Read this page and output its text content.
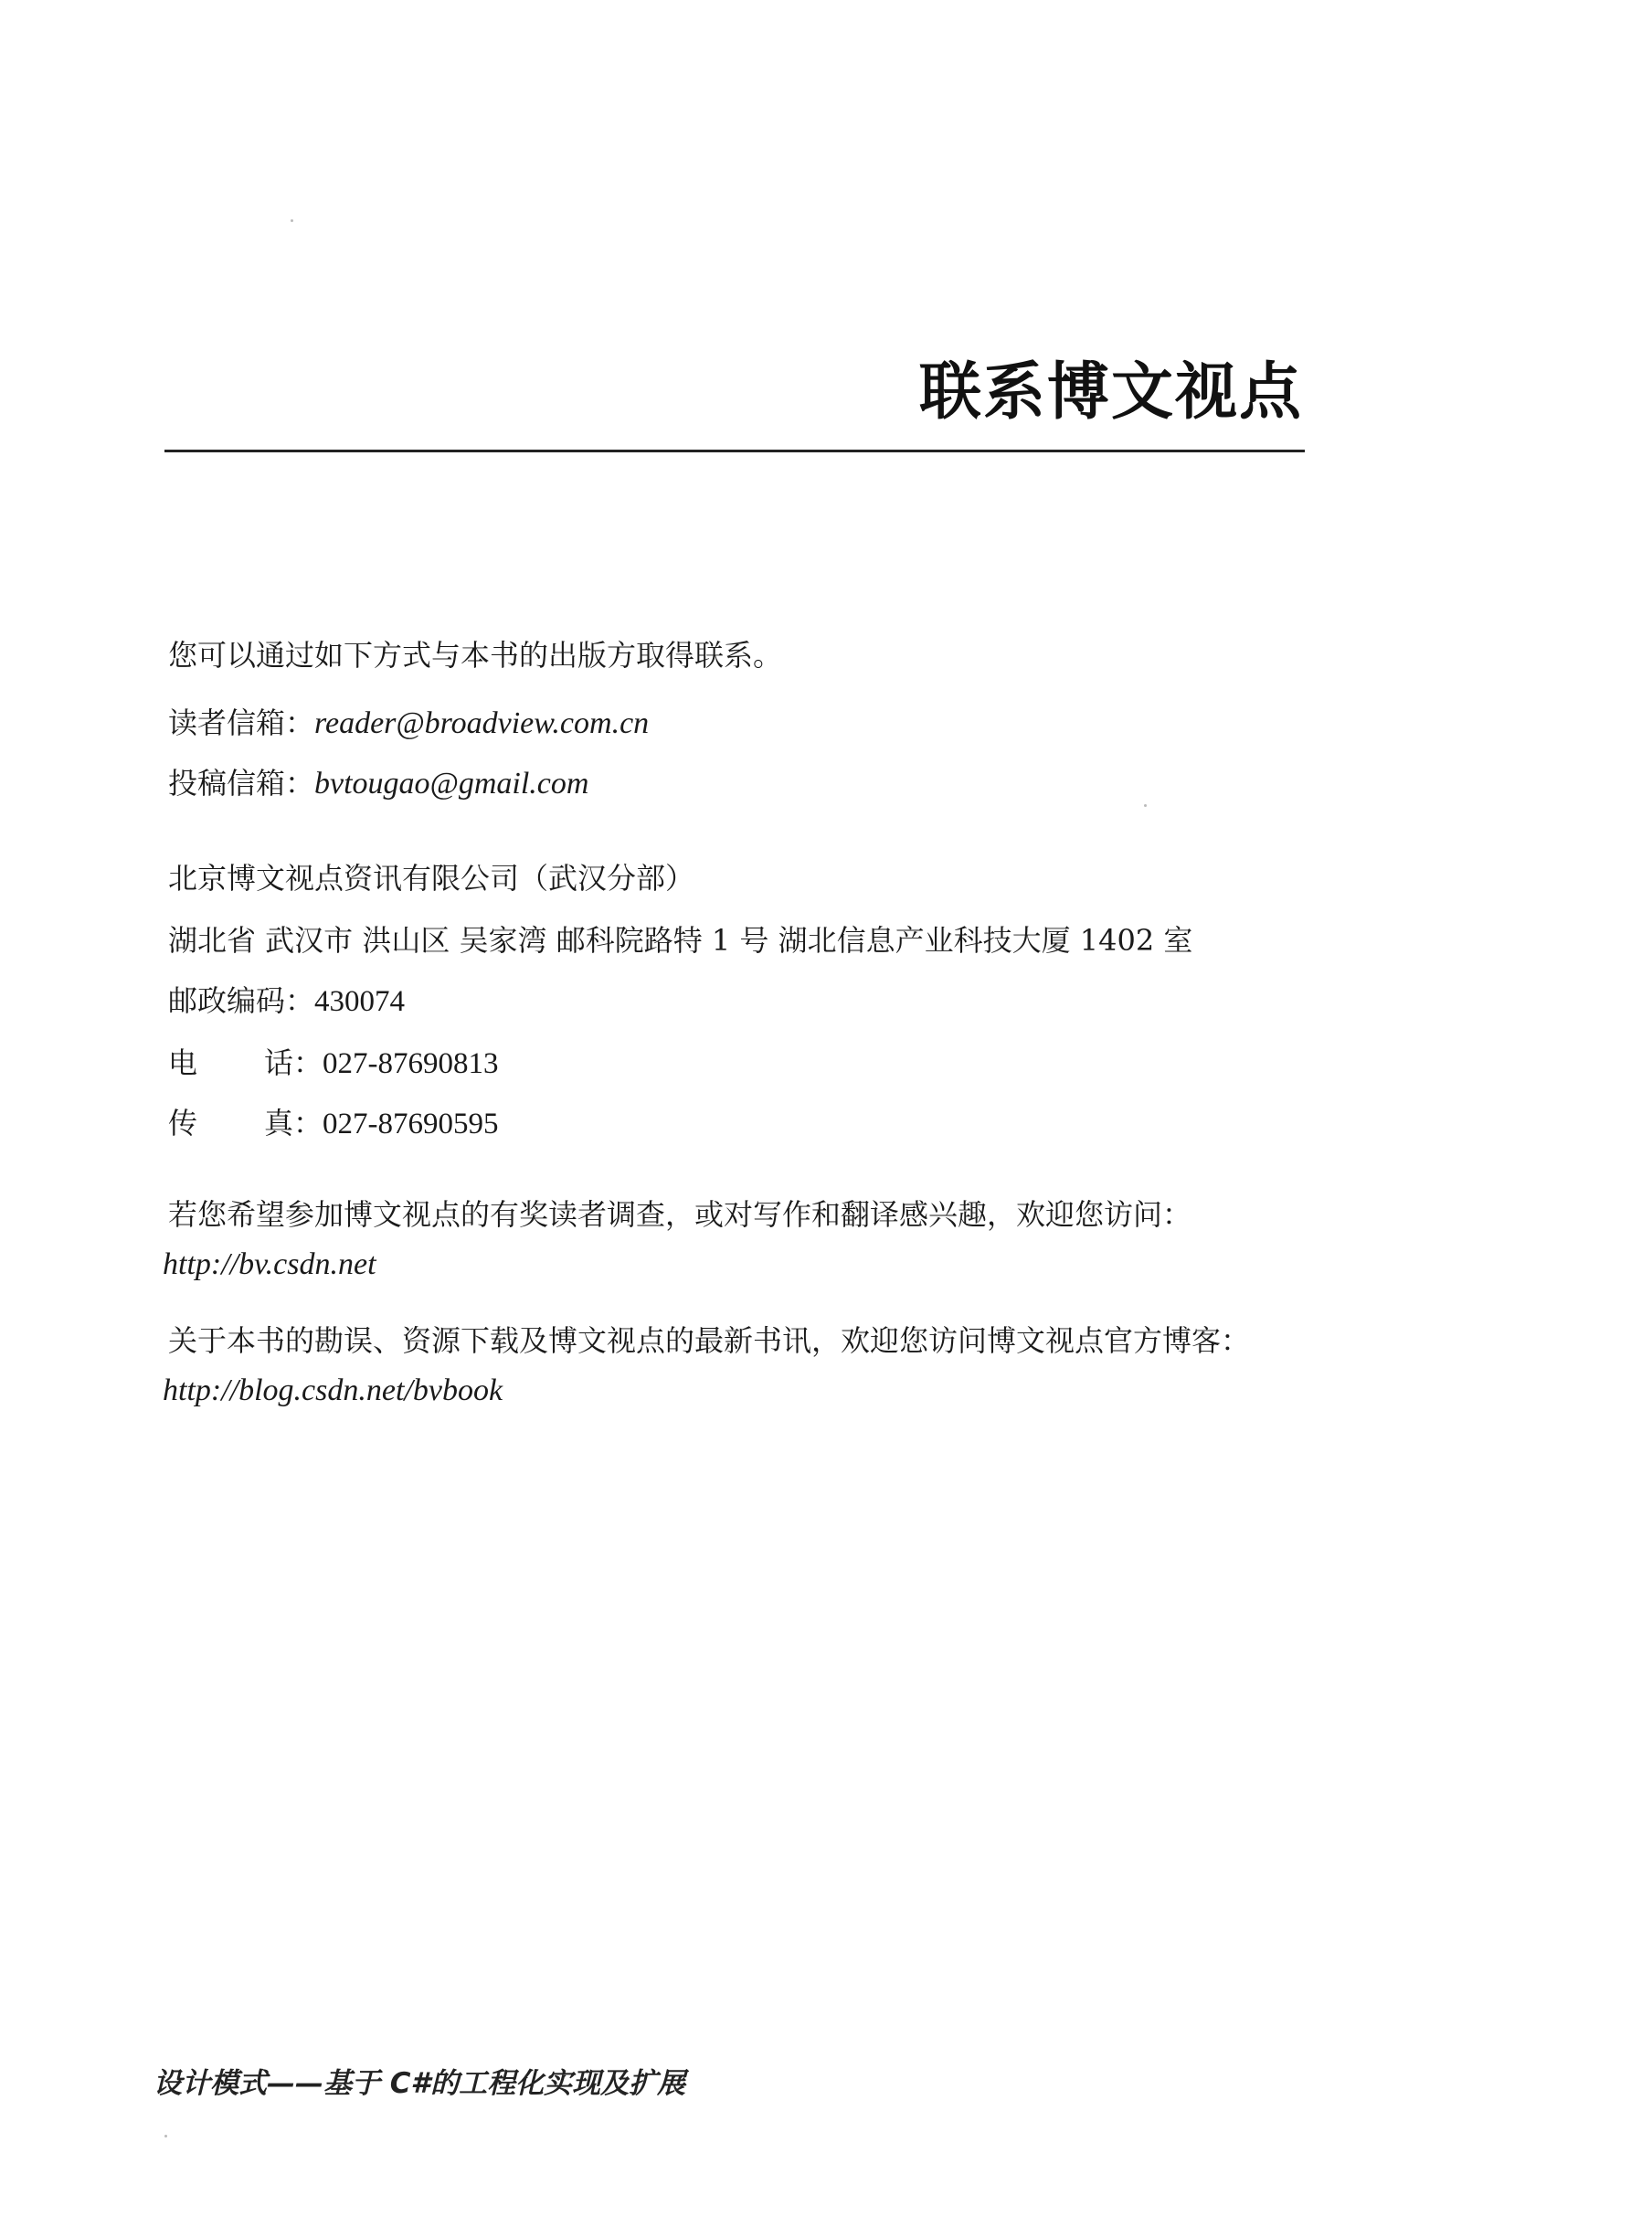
联系博文视点

您可以通过如下方式与本书的出版方取得联系。

读者信箱：reader@broadview.com.cn

投稿信箱：bvtougao@gmail.com

北京博文视点资讯有限公司（武汉分部）

湖北省 武汉市 洪山区 吴家湾 邮科院路特 1 号 湖北信息产业科技大厦 1402 室

邮政编码：430074

电 话：027-87690813

传 真：027-87690595

若您希望参加博文视点的有奖读者调查，或对写作和翻译感兴趣，欢迎您访问：

http://bv.csdn.net

关于本书的勘误、资源下载及博文视点的最新书讯，欢迎您访问博文视点官方博客：

http://blog.csdn.net/bvbook

设计模式——基于 C#的工程化实现及扩展
